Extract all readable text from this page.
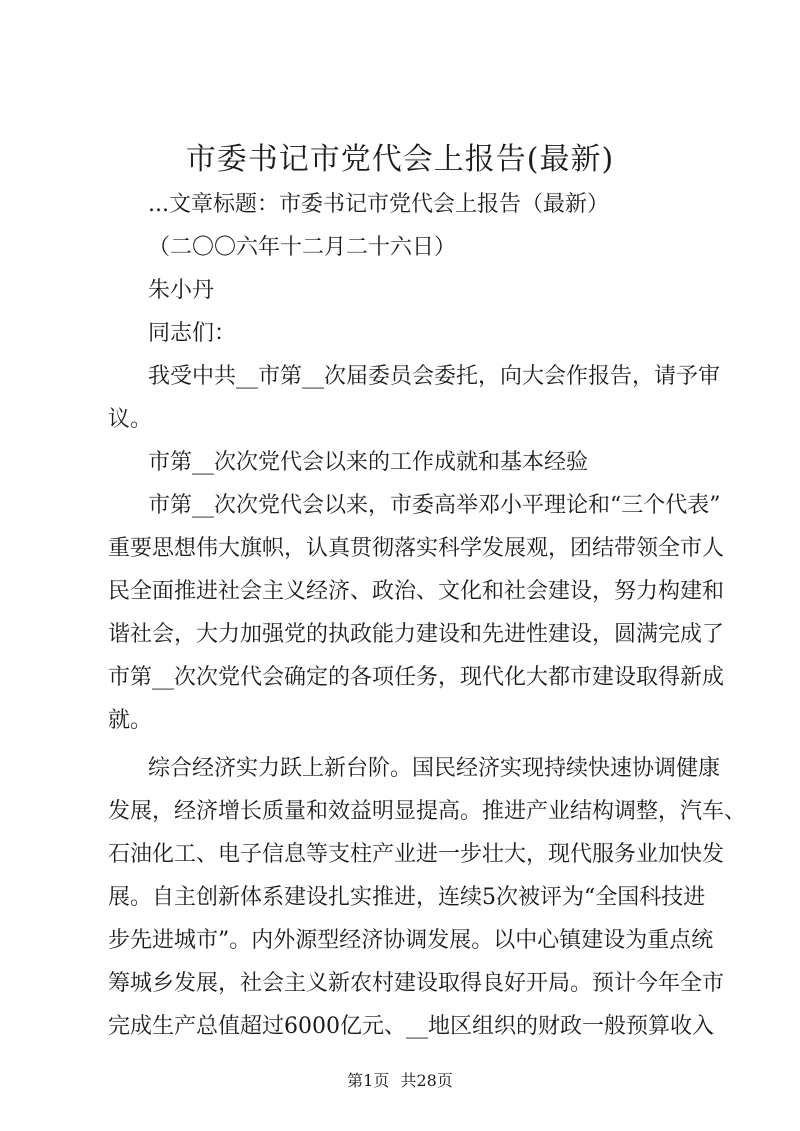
市委书记市党代会上报告(最新)
...文章标题：市委书记市党代会上报告（最新）
（二〇〇六年十二月二十六日）
朱小丹
同志们：
我受中共__市第__次届委员会委托，向大会作报告，请予审
议。
市第__次次党代会以来的工作成就和基本经验
市第__次次党代会以来，市委高举邓小平理论和“三个代表”
重要思想伟大旗帜，认真贯彻落实科学发展观，团结带领全市人
民全面推进社会主义经济、政治、文化和社会建设，努力构建和
谐社会，大力加强党的执政能力建设和先进性建设，圆满完成了
市第__次次党代会确定的各项任务，现代化大都市建设取得新成
就。
综合经济实力跃上新台阶。国民经济实现持续快速协调健康
发展，经济增长质量和效益明显提高。推进产业结构调整，汽车、
石油化工、电子信息等支柱产业进一步壮大，现代服务业加快发
展。自主创新体系建设扎实推进，连续5次被评为“全国科技进
步先进城市”。内外源型经济协调发展。以中心镇建设为重点统
筹城乡发展，社会主义新农村建设取得良好开局。预计今年全市
第1页 共28页
完成生产总值超过6000亿元、__地区组织的财政一般预算收入
